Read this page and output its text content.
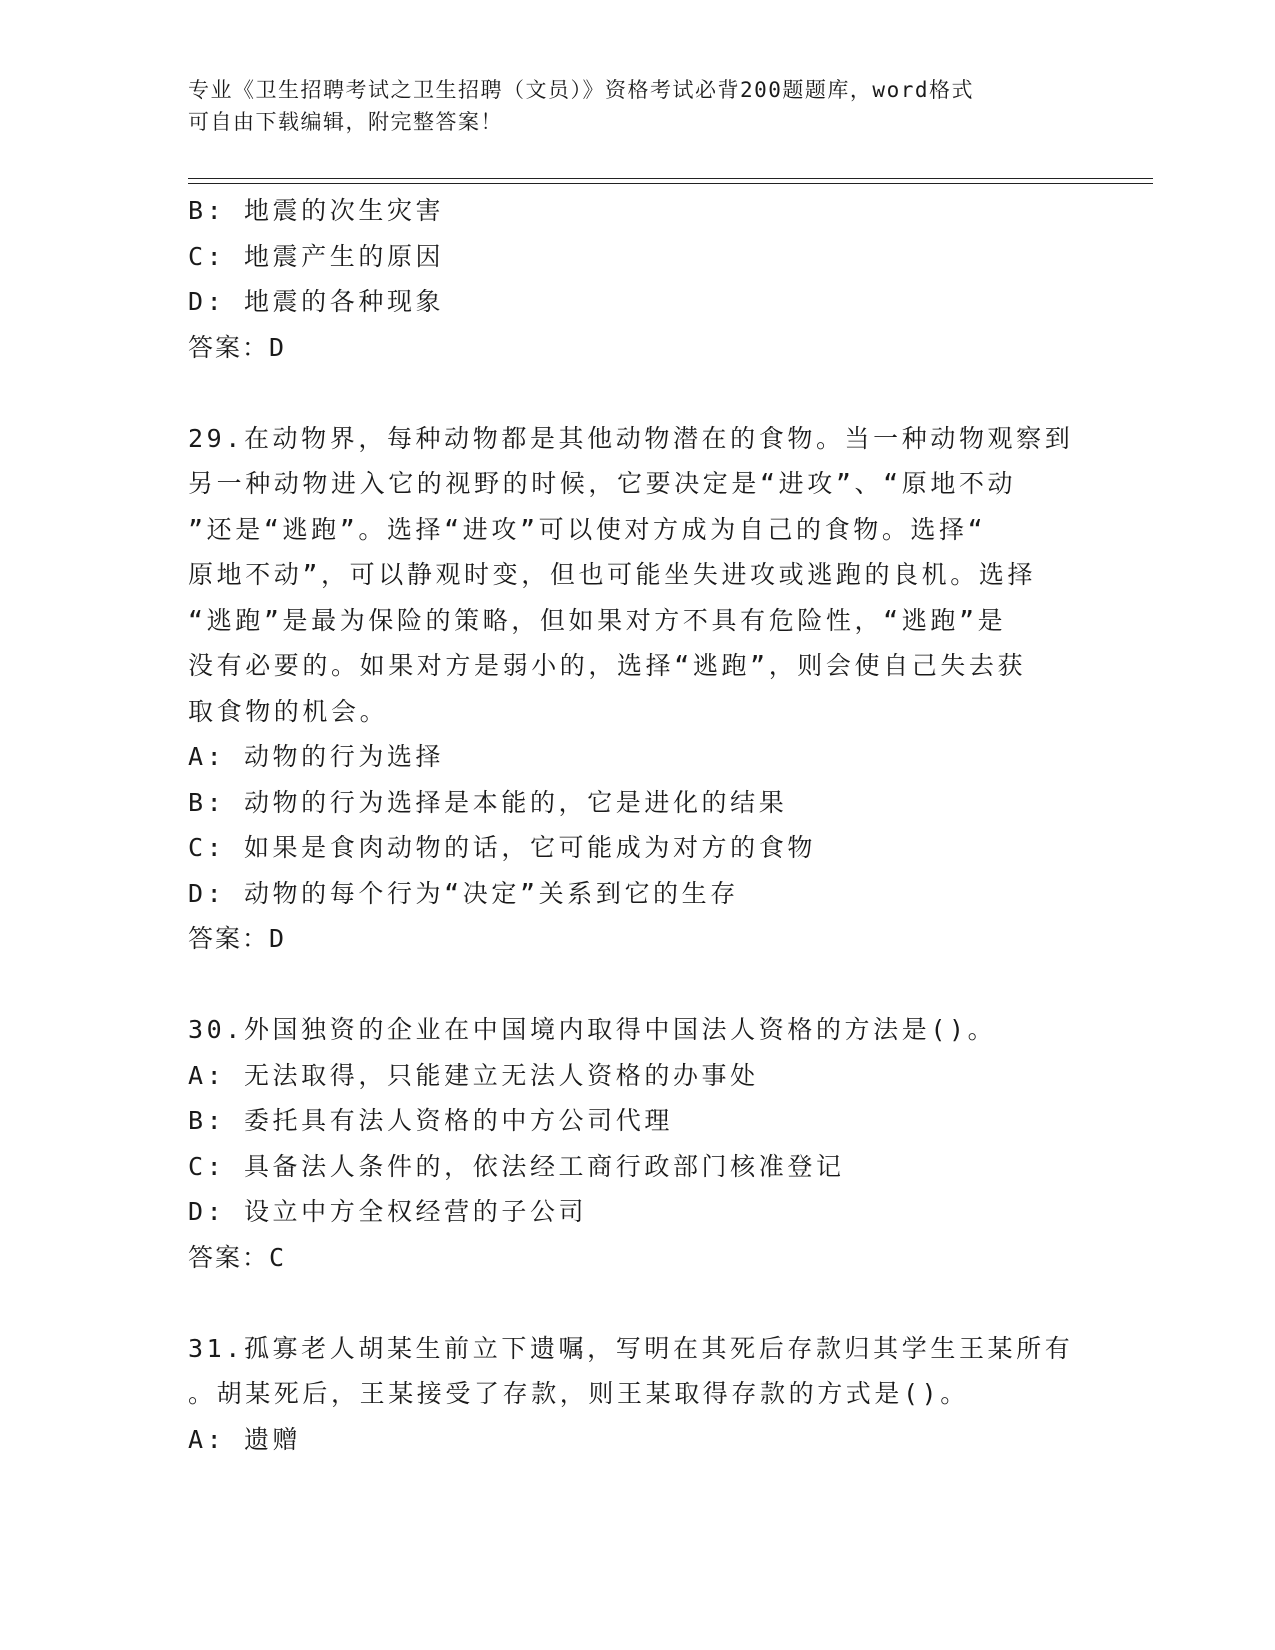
专业《卫生招聘考试之卫生招聘（文员）》资格考试必背200题题库，word格式
可自由下载编辑，附完整答案！
B: 地震的次生灾害
C: 地震产生的原因
D: 地震的各种现象
答案：D
29.在动物界，每种动物都是其他动物潜在的食物。当一种动物观察到
另一种动物进入它的视野的时候，它要决定是“进攻”、“原地不动
”还是“逃跑”。选择“进攻”可以使对方成为自己的食物。选择“
原地不动”，可以静观时变，但也可能坐失进攻或逃跑的良机。选择
“逃跑”是最为保险的策略，但如果对方不具有危险性，“逃跑”是
没有必要的。如果对方是弱小的，选择“逃跑”，则会使自己失去获
取食物的机会。
A: 动物的行为选择
B: 动物的行为选择是本能的，它是进化的结果
C: 如果是食肉动物的话，它可能成为对方的食物
D: 动物的每个行为“决定”关系到它的生存
答案：D
30.外国独资的企业在中国境内取得中国法人资格的方法是()。
A: 无法取得，只能建立无法人资格的办事处
B: 委托具有法人资格的中方公司代理
C: 具备法人条件的，依法经工商行政部门核准登记
D: 设立中方全权经营的子公司
答案：C
31.孤寡老人胡某生前立下遗嘱，写明在其死后存款归其学生王某所有
。胡某死后，王某接受了存款，则王某取得存款的方式是()。
A: 遗赠
